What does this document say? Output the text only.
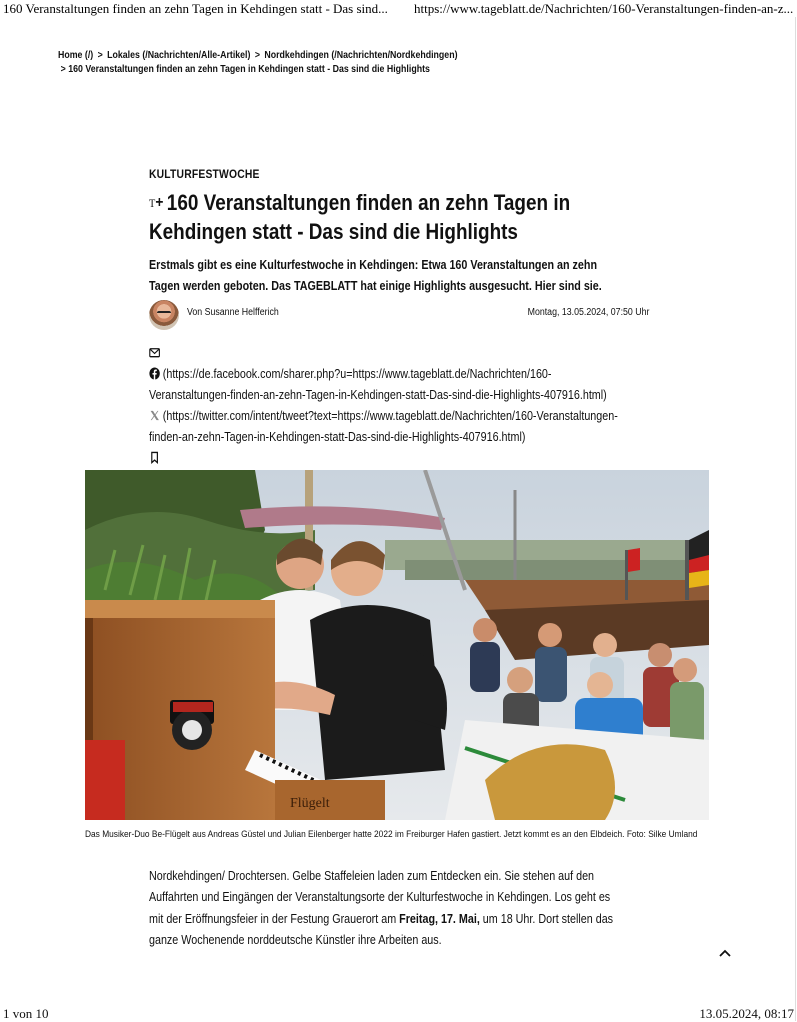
160 Veranstaltungen finden an zehn Tagen in Kehdingen statt - Das sind... https://www.tageblatt.de/Nachrichten/160-Veranstaltungen-finden-an-z...
Home (/) > Lokales (/Nachrichten/Alle-Artikel) > Nordkehdingen (/Nachrichten/Nordkehdingen)
> 160 Veranstaltungen finden an zehn Tagen in Kehdingen statt - Das sind die Highlights
KULTURFESTWOCHE
T+ 160 Veranstaltungen finden an zehn Tagen in Kehdingen statt - Das sind die Highlights

Erstmals gibt es eine Kulturfestwoche in Kehdingen: Etwa 160 Veranstaltungen an zehn Tagen werden geboten. Das TAGEBLATT hat einige Highlights ausgesucht. Hier sind sie.

Von Susanne Helfferich	Montag, 13.05.2024, 07:50 Uhr
(https://de.facebook.com/sharer.php?u=https://www.tageblatt.de/Nachrichten/160-Veranstaltungen-finden-an-zehn-Tagen-in-Kehdingen-statt-Das-sind-die-Highlights-407916.html)
(https://twitter.com/intent/tweet?text=https://www.tageblatt.de/Nachrichten/160-Veranstaltungen-finden-an-zehn-Tagen-in-Kehdingen-statt-Das-sind-die-Highlights-407916.html)
Flügelt
Das Musiker-Duo Be-Flügelt aus Andreas Güstel und Julian Eilenberger hatte 2022 im Freiburger Hafen gastiert. Jetzt kommt es an den Elbdeich. Foto: Silke Umland
Nordkehdingen/ Drochtersen. Gelbe Staffeleien laden zum Entdecken ein. Sie stehen auf den Auffahrten und Eingängen der Veranstaltungsorte der Kulturfestwoche in Kehdingen. Los geht es mit der Eröffnungsfeier in der Festung Grauerort am Freitag, 17. Mai, um 18 Uhr. Dort stellen das ganze Wochenende norddeutsche Künstler ihre Arbeiten aus.
1 von 10	13.05.2024, 08:17
